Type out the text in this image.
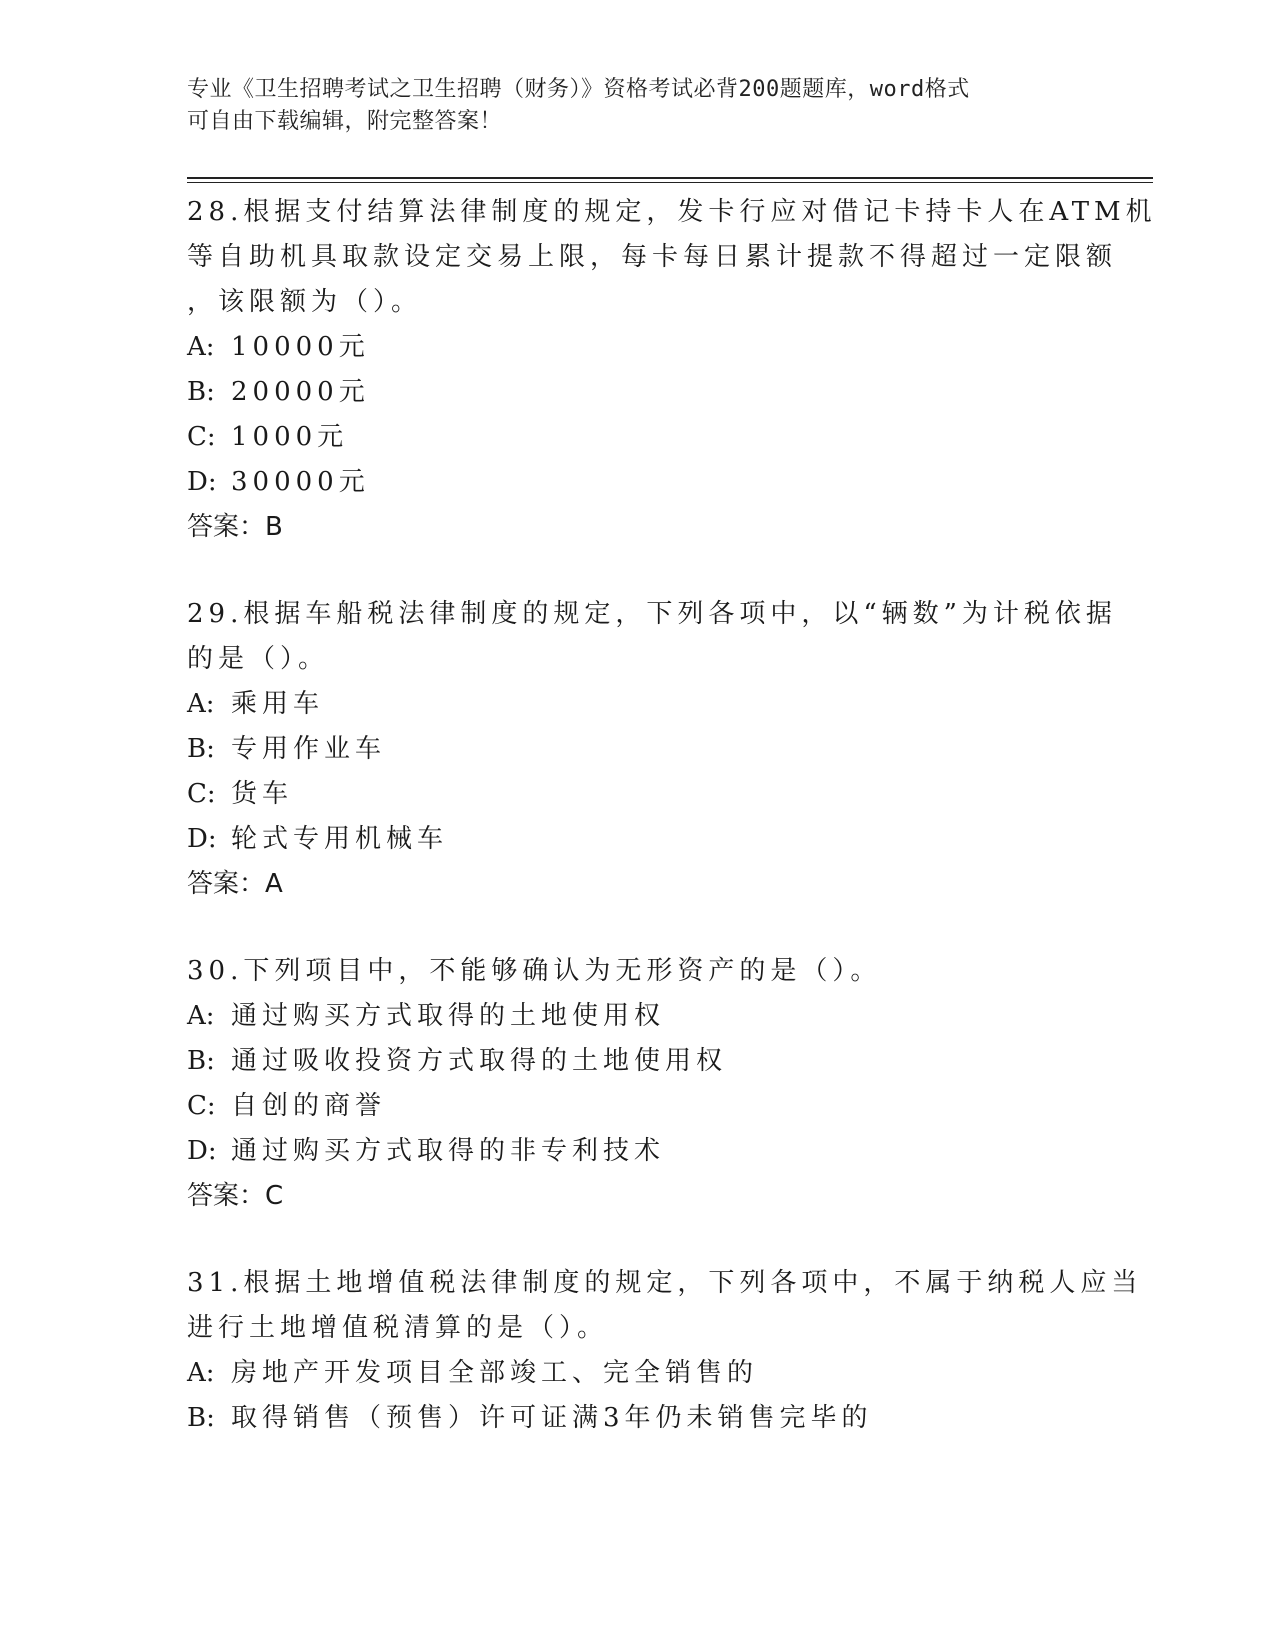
专业《卫生招聘考试之卫生招聘（财务）》资格考试必背200题题库，word格式

可自由下载编辑，附完整答案！

28.根据支付结算法律制度的规定，发卡行应对借记卡持卡人在ATM机
等自助机具取款设定交易上限，每卡每日累计提款不得超过一定限额
，该限额为（）。
A: 10000元
B: 20000元
C: 1000元
D: 30000元
答案：B
29.根据车船税法律制度的规定，下列各项中，以“辆数”为计税依据
的是（）。
A: 乘用车
B: 专用作业车
C: 货车
D: 轮式专用机械车
答案：A
30.下列项目中，不能够确认为无形资产的是（）。
A: 通过购买方式取得的土地使用权
B: 通过吸收投资方式取得的土地使用权
C: 自创的商誉
D: 通过购买方式取得的非专利技术
答案：C
31.根据土地增值税法律制度的规定，下列各项中，不属于纳税人应当
进行土地增值税清算的是（）。
A: 房地产开发项目全部竣工、完全销售的
B: 取得销售（预售）许可证满3年仍未销售完毕的
